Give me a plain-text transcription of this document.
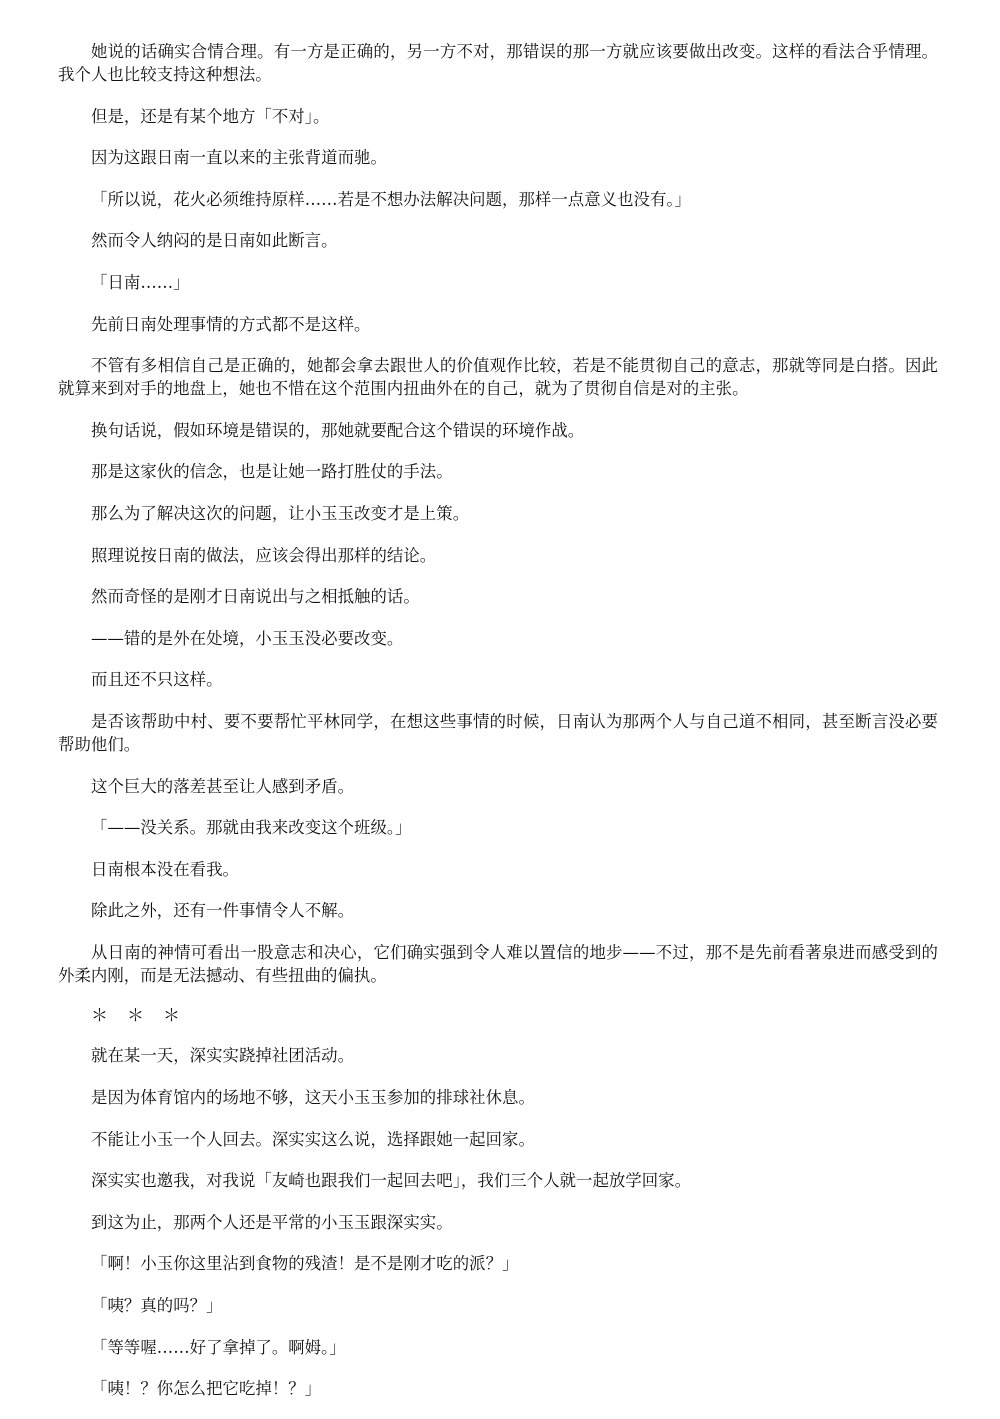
她说的话确实合情合理。有一方是正确的，另一方不对，那错误的那一方就应该要做出改变。这样的看法合乎情理。我个人也比较支持这种想法。

但是，还是有某个地方「不对」。

因为这跟日南一直以来的主张背道而驰。

「所以说，花火必须维持原样……若是不想办法解决问题，那样一点意义也没有。」

然而令人纳闷的是日南如此断言。

「日南……」

先前日南处理事情的方式都不是这样。

不管有多相信自己是正确的，她都会拿去跟世人的价值观作比较，若是不能贯彻自己的意志，那就等同是白搭。因此就算来到对手的地盘上，她也不惜在这个范围内扭曲外在的自己，就为了贯彻自信是对的主张。

换句话说，假如环境是错误的，那她就要配合这个错误的环境作战。

那是这家伙的信念，也是让她一路打胜仗的手法。

那么为了解决这次的问题，让小玉玉改变才是上策。

照理说按日南的做法，应该会得出那样的结论。

然而奇怪的是刚才日南说出与之相抵触的话。

——错的是外在处境，小玉玉没必要改变。

而且还不只这样。

是否该帮助中村、要不要帮忙平林同学，在想这些事情的时候，日南认为那两个人与自己道不相同，甚至断言没必要帮助他们。

这个巨大的落差甚至让人感到矛盾。

「——没关系。那就由我来改变这个班级。」

日南根本没在看我。

除此之外，还有一件事情令人不解。

从日南的神情可看出一股意志和决心，它们确实强到令人难以置信的地步——不过，那不是先前看著泉进而感受到的外柔内刚，而是无法撼动、有些扭曲的偏执。

＊ ＊ ＊

就在某一天，深实实跷掉社团活动。

是因为体育馆内的场地不够，这天小玉玉参加的排球社休息。

不能让小玉一个人回去。深实实这么说，选择跟她一起回家。

深实实也邀我，对我说「友崎也跟我们一起回去吧」，我们三个人就一起放学回家。

到这为止，那两个人还是平常的小玉玉跟深实实。

「啊！小玉你这里沾到食物的残渣！是不是刚才吃的派？」

「咦？真的吗？」

「等等喔……好了拿掉了。啊姆。」

「咦！？你怎么把它吃掉！？」
